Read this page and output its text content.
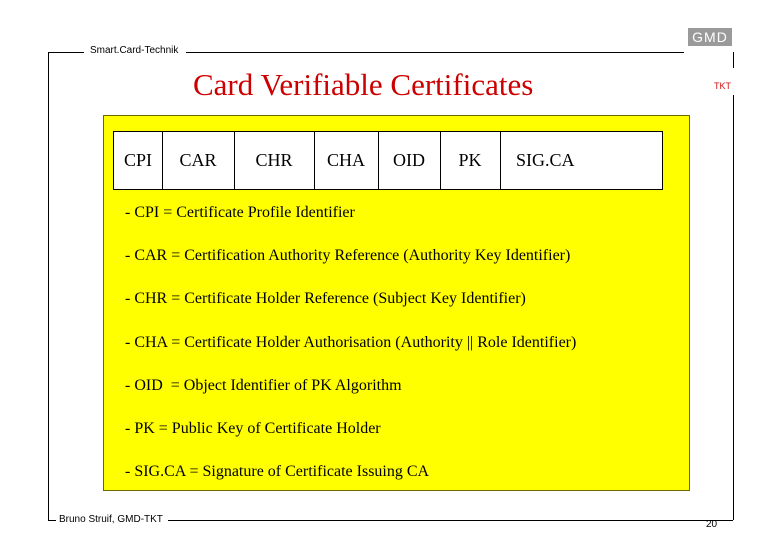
Smart.Card-Technik
GMD
TKT
Card Verifiable Certificates
CPI	CAR	CHR	CHA	OID	PK	SIG.CA
- CPI = Certificate Profile Identifier
- CAR = Certification Authority Reference (Authority Key Identifier)
- CHR = Certificate Holder Reference (Subject Key Identifier)
- CHA = Certificate Holder Authorisation (Authority || Role Identifier)
- OID  = Object Identifier of PK Algorithm
- PK = Public Key of Certificate Holder
- SIG.CA = Signature of Certificate Issuing CA
Bruno Struif, GMD-TKT	20
